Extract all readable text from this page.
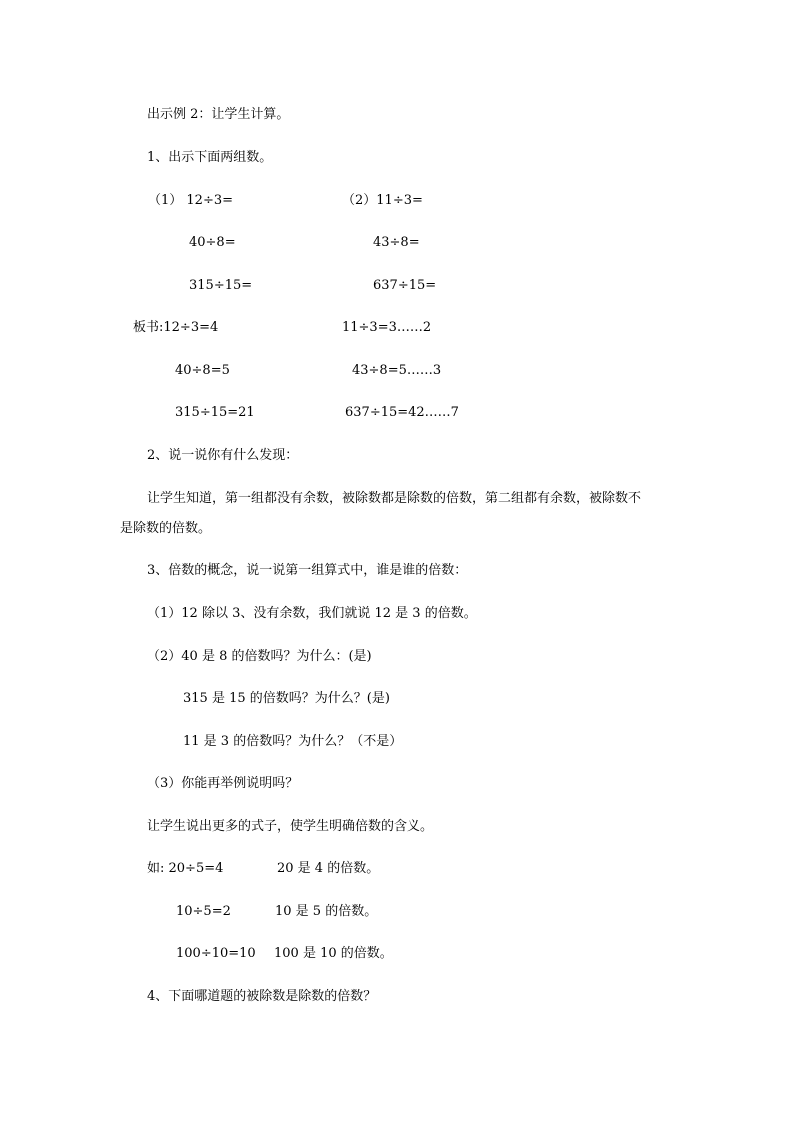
出示例 2：让学生计算。
1、出示下面两组数。
（1） 12÷3=	（2）11÷3=
40÷8=	43÷8=
315÷15=	637÷15=
板书:12÷3=4	11÷3=3……2
40÷8=5	43÷8=5……3
315÷15=21	637÷15=42……7
2、说一说你有什么发现：
让学生知道，第一组都没有余数，被除数都是除数的倍数，第二组都有余数，被除数不
是除数的倍数。
3、倍数的概念，说一说第一组算式中，谁是谁的倍数：
（1）12 除以 3、没有余数，我们就说 12 是 3 的倍数。
（2）40 是 8 的倍数吗？为什么：(是)
315 是 15 的倍数吗？为什么？(是)
11 是 3 的倍数吗？为什么？（不是）
（3）你能再举例说明吗？
让学生说出更多的式子，使学生明确倍数的含义。
如: 20÷5=4	20 是 4 的倍数。
10÷5=2	10 是 5 的倍数。
100÷10=10 100 是 10 的倍数。
4、下面哪道题的被除数是除数的倍数？
